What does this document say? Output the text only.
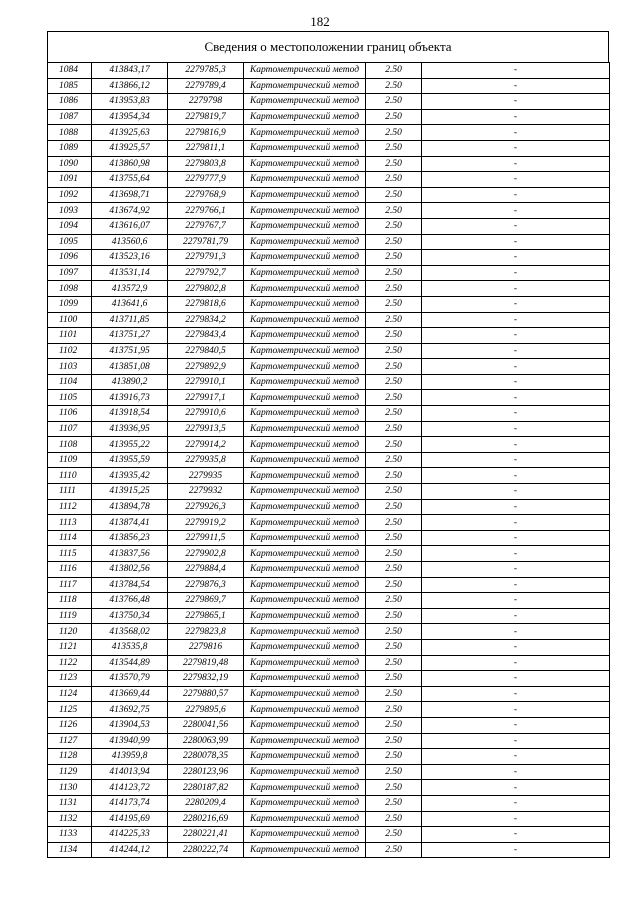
182
Сведения о местоположении границ объекта
1084	413843,17	2279785,3	Картометрический метод	2.50	-
1085	413866,12	2279789,4	Картометрический метод	2.50	-
1086	413953,83	2279798	Картометрический метод	2.50	-
1087	413954,34	2279819,7	Картометрический метод	2.50	-
1088	413925,63	2279816,9	Картометрический метод	2.50	-
1089	413925,57	2279811,1	Картометрический метод	2.50	-
1090	413860,98	2279803,8	Картометрический метод	2.50	-
1091	413755,64	2279777,9	Картометрический метод	2.50	-
1092	413698,71	2279768,9	Картометрический метод	2.50	-
1093	413674,92	2279766,1	Картометрический метод	2.50	-
1094	413616,07	2279767,7	Картометрический метод	2.50	-
1095	413560,6	2279781,79	Картометрический метод	2.50	-
1096	413523,16	2279791,3	Картометрический метод	2.50	-
1097	413531,14	2279792,7	Картометрический метод	2.50	-
1098	413572,9	2279802,8	Картометрический метод	2.50	-
1099	413641,6	2279818,6	Картометрический метод	2.50	-
1100	413711,85	2279834,2	Картометрический метод	2.50	-
1101	413751,27	2279843,4	Картометрический метод	2.50	-
1102	413751,95	2279840,5	Картометрический метод	2.50	-
1103	413851,08	2279892,9	Картометрический метод	2.50	-
1104	413890,2	2279910,1	Картометрический метод	2.50	-
1105	413916,73	2279917,1	Картометрический метод	2.50	-
1106	413918,54	2279910,6	Картометрический метод	2.50	-
1107	413936,95	2279913,5	Картометрический метод	2.50	-
1108	413955,22	2279914,2	Картометрический метод	2.50	-
1109	413955,59	2279935,8	Картометрический метод	2.50	-
1110	413935,42	2279935	Картометрический метод	2.50	-
1111	413915,25	2279932	Картометрический метод	2.50	-
1112	413894,78	2279926,3	Картометрический метод	2.50	-
1113	413874,41	2279919,2	Картометрический метод	2.50	-
1114	413856,23	2279911,5	Картометрический метод	2.50	-
1115	413837,56	2279902,8	Картометрический метод	2.50	-
1116	413802,56	2279884,4	Картометрический метод	2.50	-
1117	413784,54	2279876,3	Картометрический метод	2.50	-
1118	413766,48	2279869,7	Картометрический метод	2.50	-
1119	413750,34	2279865,1	Картометрический метод	2.50	-
1120	413568,02	2279823,8	Картометрический метод	2.50	-
1121	413535,8	2279816	Картометрический метод	2.50	-
1122	413544,89	2279819,48	Картометрический метод	2.50	-
1123	413570,79	2279832,19	Картометрический метод	2.50	-
1124	413669,44	2279880,57	Картометрический метод	2.50	-
1125	413692,75	2279895,6	Картометрический метод	2.50	-
1126	413904,53	2280041,56	Картометрический метод	2.50	-
1127	413940,99	2280063,99	Картометрический метод	2.50	-
1128	413959,8	2280078,35	Картометрический метод	2.50	-
1129	414013,94	2280123,96	Картометрический метод	2.50	-
1130	414123,72	2280187,82	Картометрический метод	2.50	-
1131	414173,74	2280209,4	Картометрический метод	2.50	-
1132	414195,69	2280216,69	Картометрический метод	2.50	-
1133	414225,33	2280221,41	Картометрический метод	2.50	-
1134	414244,12	2280222,74	Картометрический метод	2.50	-
